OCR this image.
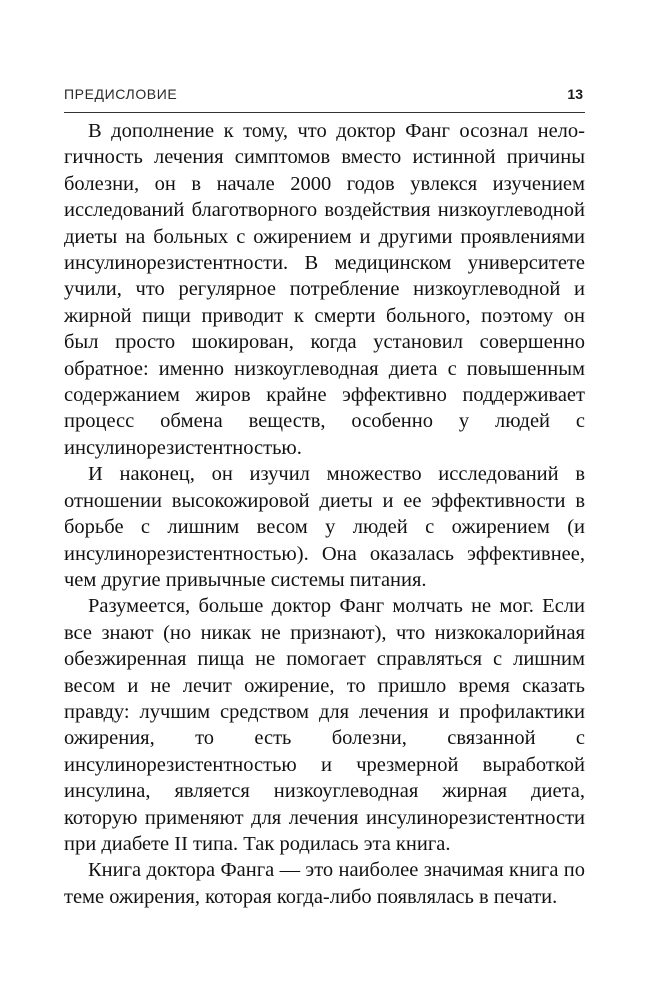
ПРЕДИСЛОВИЕ	13

В дополнение к тому, что доктор Фанг осознал нелогичность лечения симптомов вместо истинной причины болезни, он в начале 2000 годов увлекся изучением исследований благотворного воздействия низкоуглеводной диеты на больных с ожирением и другими проявлениями инсулинорезистентности. В медицинском университете учили, что регулярное потребление низкоуглеводной и жирной пищи приводит к смерти больного, поэтому он был просто шокирован, когда установил совершенно обратное: именно низкоуглеводная диета с повышенным содержанием жиров крайне эффективно поддерживает процесс обмена веществ, особенно у людей с инсулинорезистентностью.

И наконец, он изучил множество исследований в отношении высокожировой диеты и ее эффективности в борьбе с лишним весом у людей с ожирением (и инсулинорезистентностью). Она оказалась эффективнее, чем другие привычные системы питания.

Разумеется, больше доктор Фанг молчать не мог. Если все знают (но никак не признают), что низкокалорийная обезжиренная пища не помогает справляться с лишним весом и не лечит ожирение, то пришло время сказать правду: лучшим средством для лечения и профилактики ожирения, то есть болезни, связанной с инсулинорезистентностью и чрезмерной выработкой инсулина, является низкоуглеводная жирная диета, которую применяют для лечения инсулинорезистентности при диабете II типа. Так родилась эта книга.

Книга доктора Фанга — это наиболее значимая книга по теме ожирения, которая когда-либо появлялась в печати.
